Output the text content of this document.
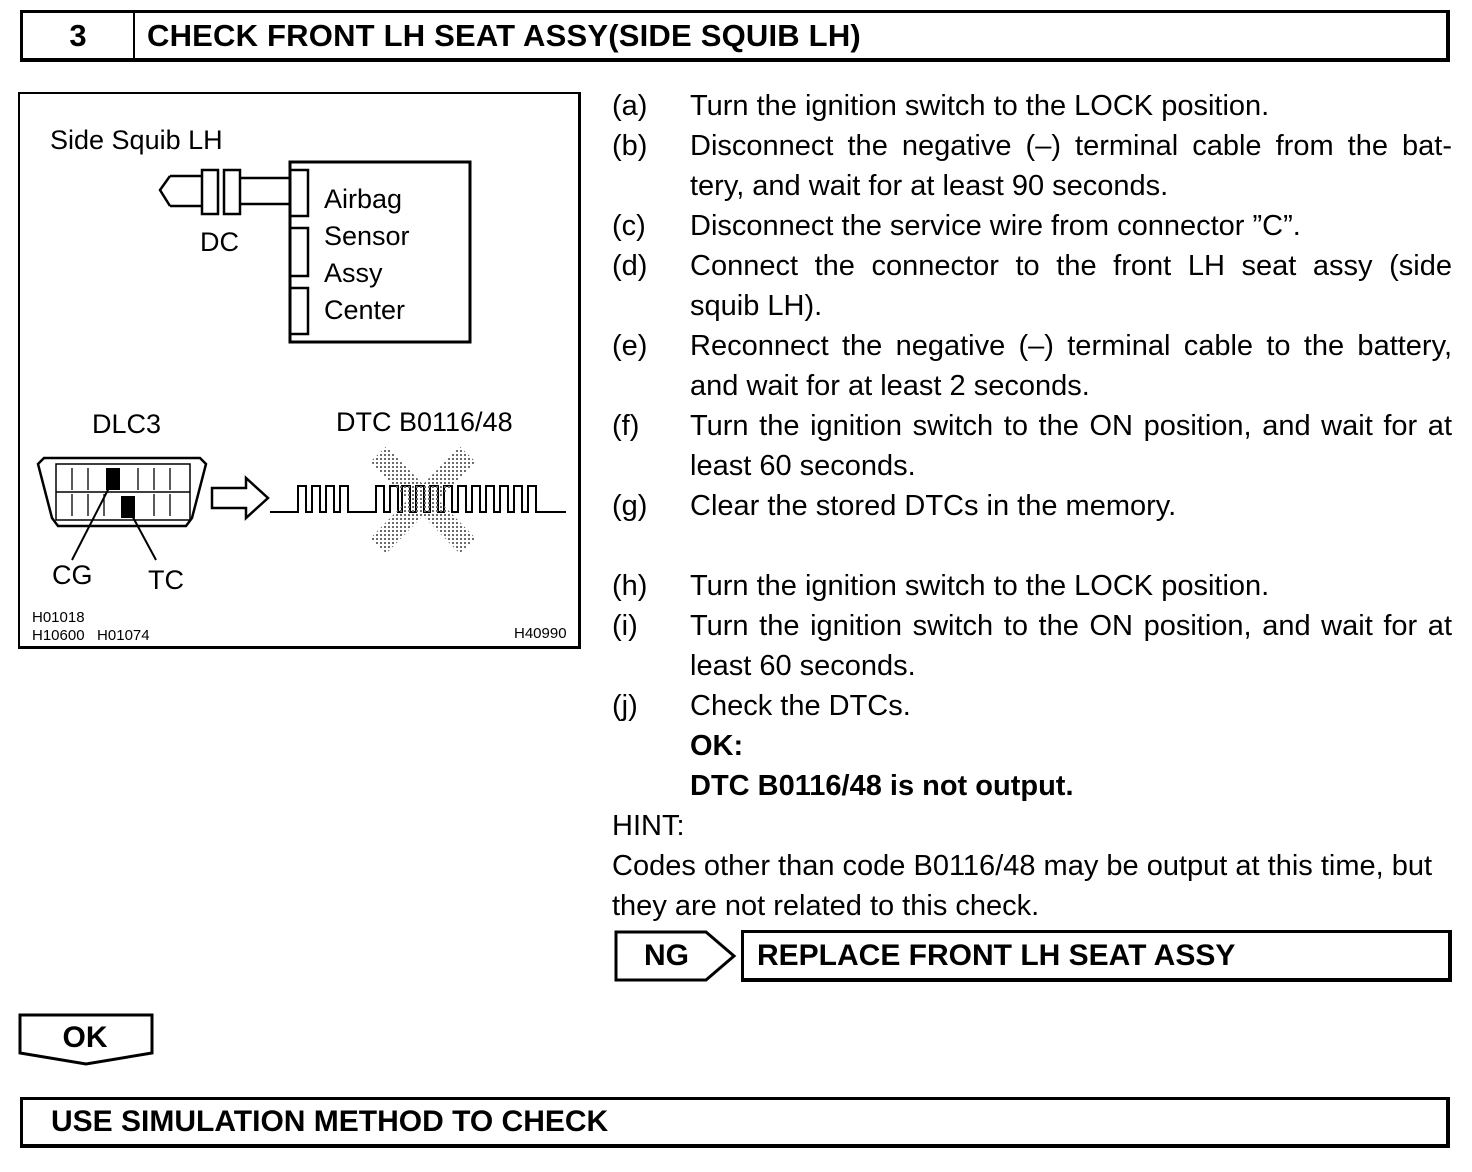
3	CHECK FRONT LH SEAT ASSY(SIDE SQUIB LH)
Side Squib LH
DC
Airbag
Sensor
Assy
Center
DLC3	DTC B0116/48
CG TC
H01018
H10600   H01074	H40990
(a) Turn the ignition switch to the LOCK position.
(b) Disconnect the negative (–) terminal cable from the bat- tery, and wait for at least 90 seconds.
(c) Disconnect the service wire from connector ”C”.
(d) Connect the connector to the front LH seat assy (side squib LH).
(e) Reconnect the negative (–) terminal cable to the battery, and wait for at least 2 seconds.
(f) Turn the ignition switch to the ON position, and wait for at least 60 seconds.
(g) Clear the stored DTCs in the memory.
(h) Turn the ignition switch to the LOCK position.
(i) Turn the ignition switch to the ON position, and wait for at least 60 seconds.
(j) Check the DTCs.
OK:
DTC B0116/48 is not output.
HINT:
Codes other than code B0116/48 may be output at this time, but they are not related to this check.
NG	REPLACE FRONT LH SEAT ASSY
OK
USE SIMULATION METHOD TO CHECK
